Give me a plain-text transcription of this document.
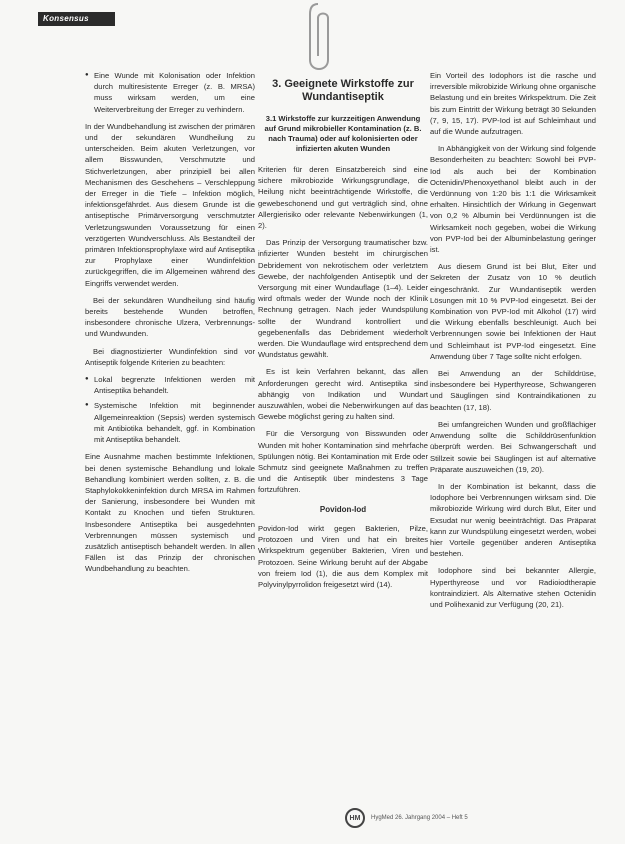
Konsensus
● Eine Wunde mit Kolonisation oder Infektion durch multiresistente Erreger (z. B. MRSA) muss wirksam werden, um eine Weiterverbreitung der Erreger zu verhindern.

In der Wundbehandlung ist zwischen der primären und der sekundären Wundheilung zu unterscheiden. Beim akuten Verletzungen, vor allem Bisswunden, Verschmutzte und Stichverletzungen, aber prinzipiell bei allen Mechanismen des Geschehens – Verschleppung der Erreger in die Tiefe – Infektion möglich, infektionsgefährdet. Aus diesem Grunde ist die antiseptische Primärversorgung verschmutzter Verletzungswunden Voraussetzung für einen verzögerten Wundverschluss. Als Bestandteil der primären Infektionsprophylaxe wird auf Antiseptika zur Prophylaxe einer Wundinfektion zurückgegriffen, die im Allgemeinen während des Eingriffs verwendet werden.

Bei der sekundären Wundheilung sind häufig bereits bestehende Wunden betroffen, insbesondere chronische Ulzera, Verbrennungs- und Wundwunden.

Bei diagnostizierter Wundinfektion sind vor Antiseptik folgende Kriterien zu beachten:

● Lokal begrenzte Infektionen werden mit Antiseptika behandelt.
● Systemische Infektion mit beginnender Allgemeinreaktion (Sepsis) werden systemisch mit Antibiotika behandelt, ggf. in Kombination mit Antiseptika behandelt.

Eine Ausnahme machen bestimmte Infektionen, bei denen systemische Behandlung und lokale Behandlung kombiniert werden sollten, z. B. die Staphylokokkeninfektion durch MRSA im Rahmen der Sanierung, insbesondere bei Wunden mit Kontakt zu Knochen und tiefen Strukturen. Insbesondere Antiseptika bei ausgedehnten Verbrennungen müssen systemisch und zusätzlich antiseptisch behandelt werden. In allen Fällen ist das Prinzip der chronischen Wundbehandlung zu beachten.

3. Geeignete Wirkstoffe zur Wundantiseptik
3.1 Wirkstoffe zur kurzzeitigen Anwendung auf Grund mikrobieller Kontamination (z. B. nach Trauma) oder auf kolonisierten oder infizierten akuten Wunden

Kriterien für deren Einsatzbereich sind eine sichere mikrobiozide Wirkungsgrundlage, die Heilung nicht beeinträchtigende Wirkstoffe, die gewebeschonend und gut verträglich sind, ohne Allergierisiko oder relevante Nebenwirkungen (1, 2).

Das Prinzip der Versorgung traumatischer bzw. infizierter Wunden besteht im chirurgischen Debridement von nekrotischem oder verletztem Gewebe, der nachfolgenden Antiseptik und der Versorgung mit einer Wundauflage (1–4). Leider wird oftmals weder der Wunde noch der Klinik Rechnung getragen. Nach jeder Wundspülung sollte der Wundrand kontrolliert und gegebenenfalls das Debridement wiederholt werden. Die Wundauflage wird entsprechend dem Wundstatus gewählt.

Es ist kein Verfahren bekannt, das allen Anforderungen gerecht wird. Antiseptika sind abhängig von Indikation und Wundart auszuwählen, wobei die Nebenwirkungen auf das Gewebe möglichst gering zu halten sind.

Für die Versorgung von Bisswunden oder Wunden mit hoher Kontamination sind mehrfache Spülungen nötig. Bei Kontamination mit Erde oder Schmutz sind geeignete Maßnahmen zu treffen und die Antiseptik über mindestens 3 Tage fortzuführen.

Povidon-Iod

Povidon-Iod wirkt gegen Bakterien, Pilze, Protozoen und Viren und hat ein breites Wirkspektrum gegenüber Bakterien, Viren und Protozoen. Seine Wirkung beruht auf der Abgabe von freiem Iod (1), die aus dem Komplex mit Polyvinylpyrrolidon freigesetzt wird (14).

Ein Vorteil des Iodophors ist die rasche und irreversible mikrobizide Wirkung ohne organische Belastung und ein breites Wirkspektrum. Die Zeit bis zum Eintritt der Wirkung beträgt 30 Sekunden (7, 9, 15, 17). PVP-Iod ist auf Schleimhaut und auf die Wunde aufzutragen.

In Abhängigkeit von der Wirkung sind folgende Besonderheiten zu beachten: Sowohl bei PVP-Iod als auch bei der Kombination Octenidin/Phenoxyethanol bleibt auch in der Verdünnung von 1:20 bis 1:1 die Wirksamkeit erhalten. Hinsichtlich der Wirkung in Gegenwart von 0,2 % Albumin bei Verdünnungen ist die Wirksamkeit noch gegeben, wobei die Wirkung von PVP-Iod bei der Albuminbelastung geringer ist.

Aus diesem Grund ist bei Blut, Eiter und Sekreten der Zusatz von 10 % deutlich eingeschränkt. Zur Wundantiseptik werden Lösungen mit 10 % PVP-Iod eingesetzt. Bei der Kombination von PVP-Iod mit Alkohol (17) wird die Wirkung ebenfalls beschleunigt. Auch bei Verbrennungen sowie bei Infektionen der Haut und Schleimhaut ist PVP-Iod eingesetzt. Eine Anwendung über 7 Tage sollte nicht erfolgen.

Bei Anwendung an der Schilddrüse, insbesondere bei Hyperthyreose, Schwangeren und Säuglingen sind Kontraindikationen zu beachten (17, 18).

Bei umfangreichen Wunden und großflächiger Anwendung sollte die Schilddrüsenfunktion überprüft werden. Bei Schwangerschaft und Stillzeit sowie bei Säuglingen ist auf alternative Präparate auszuweichen (19, 20).

In der Kombination ist bekannt, dass die Iodophore bei Verbrennungen wirksam sind. Die mikrobiozide Wirkung wird durch Blut, Eiter und Exsudat nur wenig beeinträchtigt. Das Präparat kann zur Wundspülung eingesetzt werden, wobei hier Vorteile gegenüber anderen Antiseptika bestehen.

Iodophore sind bei bekannter Allergie, Hyperthyreose und vor Radioiodtherapie kontraindiziert. Als Alternative stehen Octenidin und Polihexanid zur Verfügung (20, 21).

HM	HygMed 26. Jahrgang 2004 – Heft 5
